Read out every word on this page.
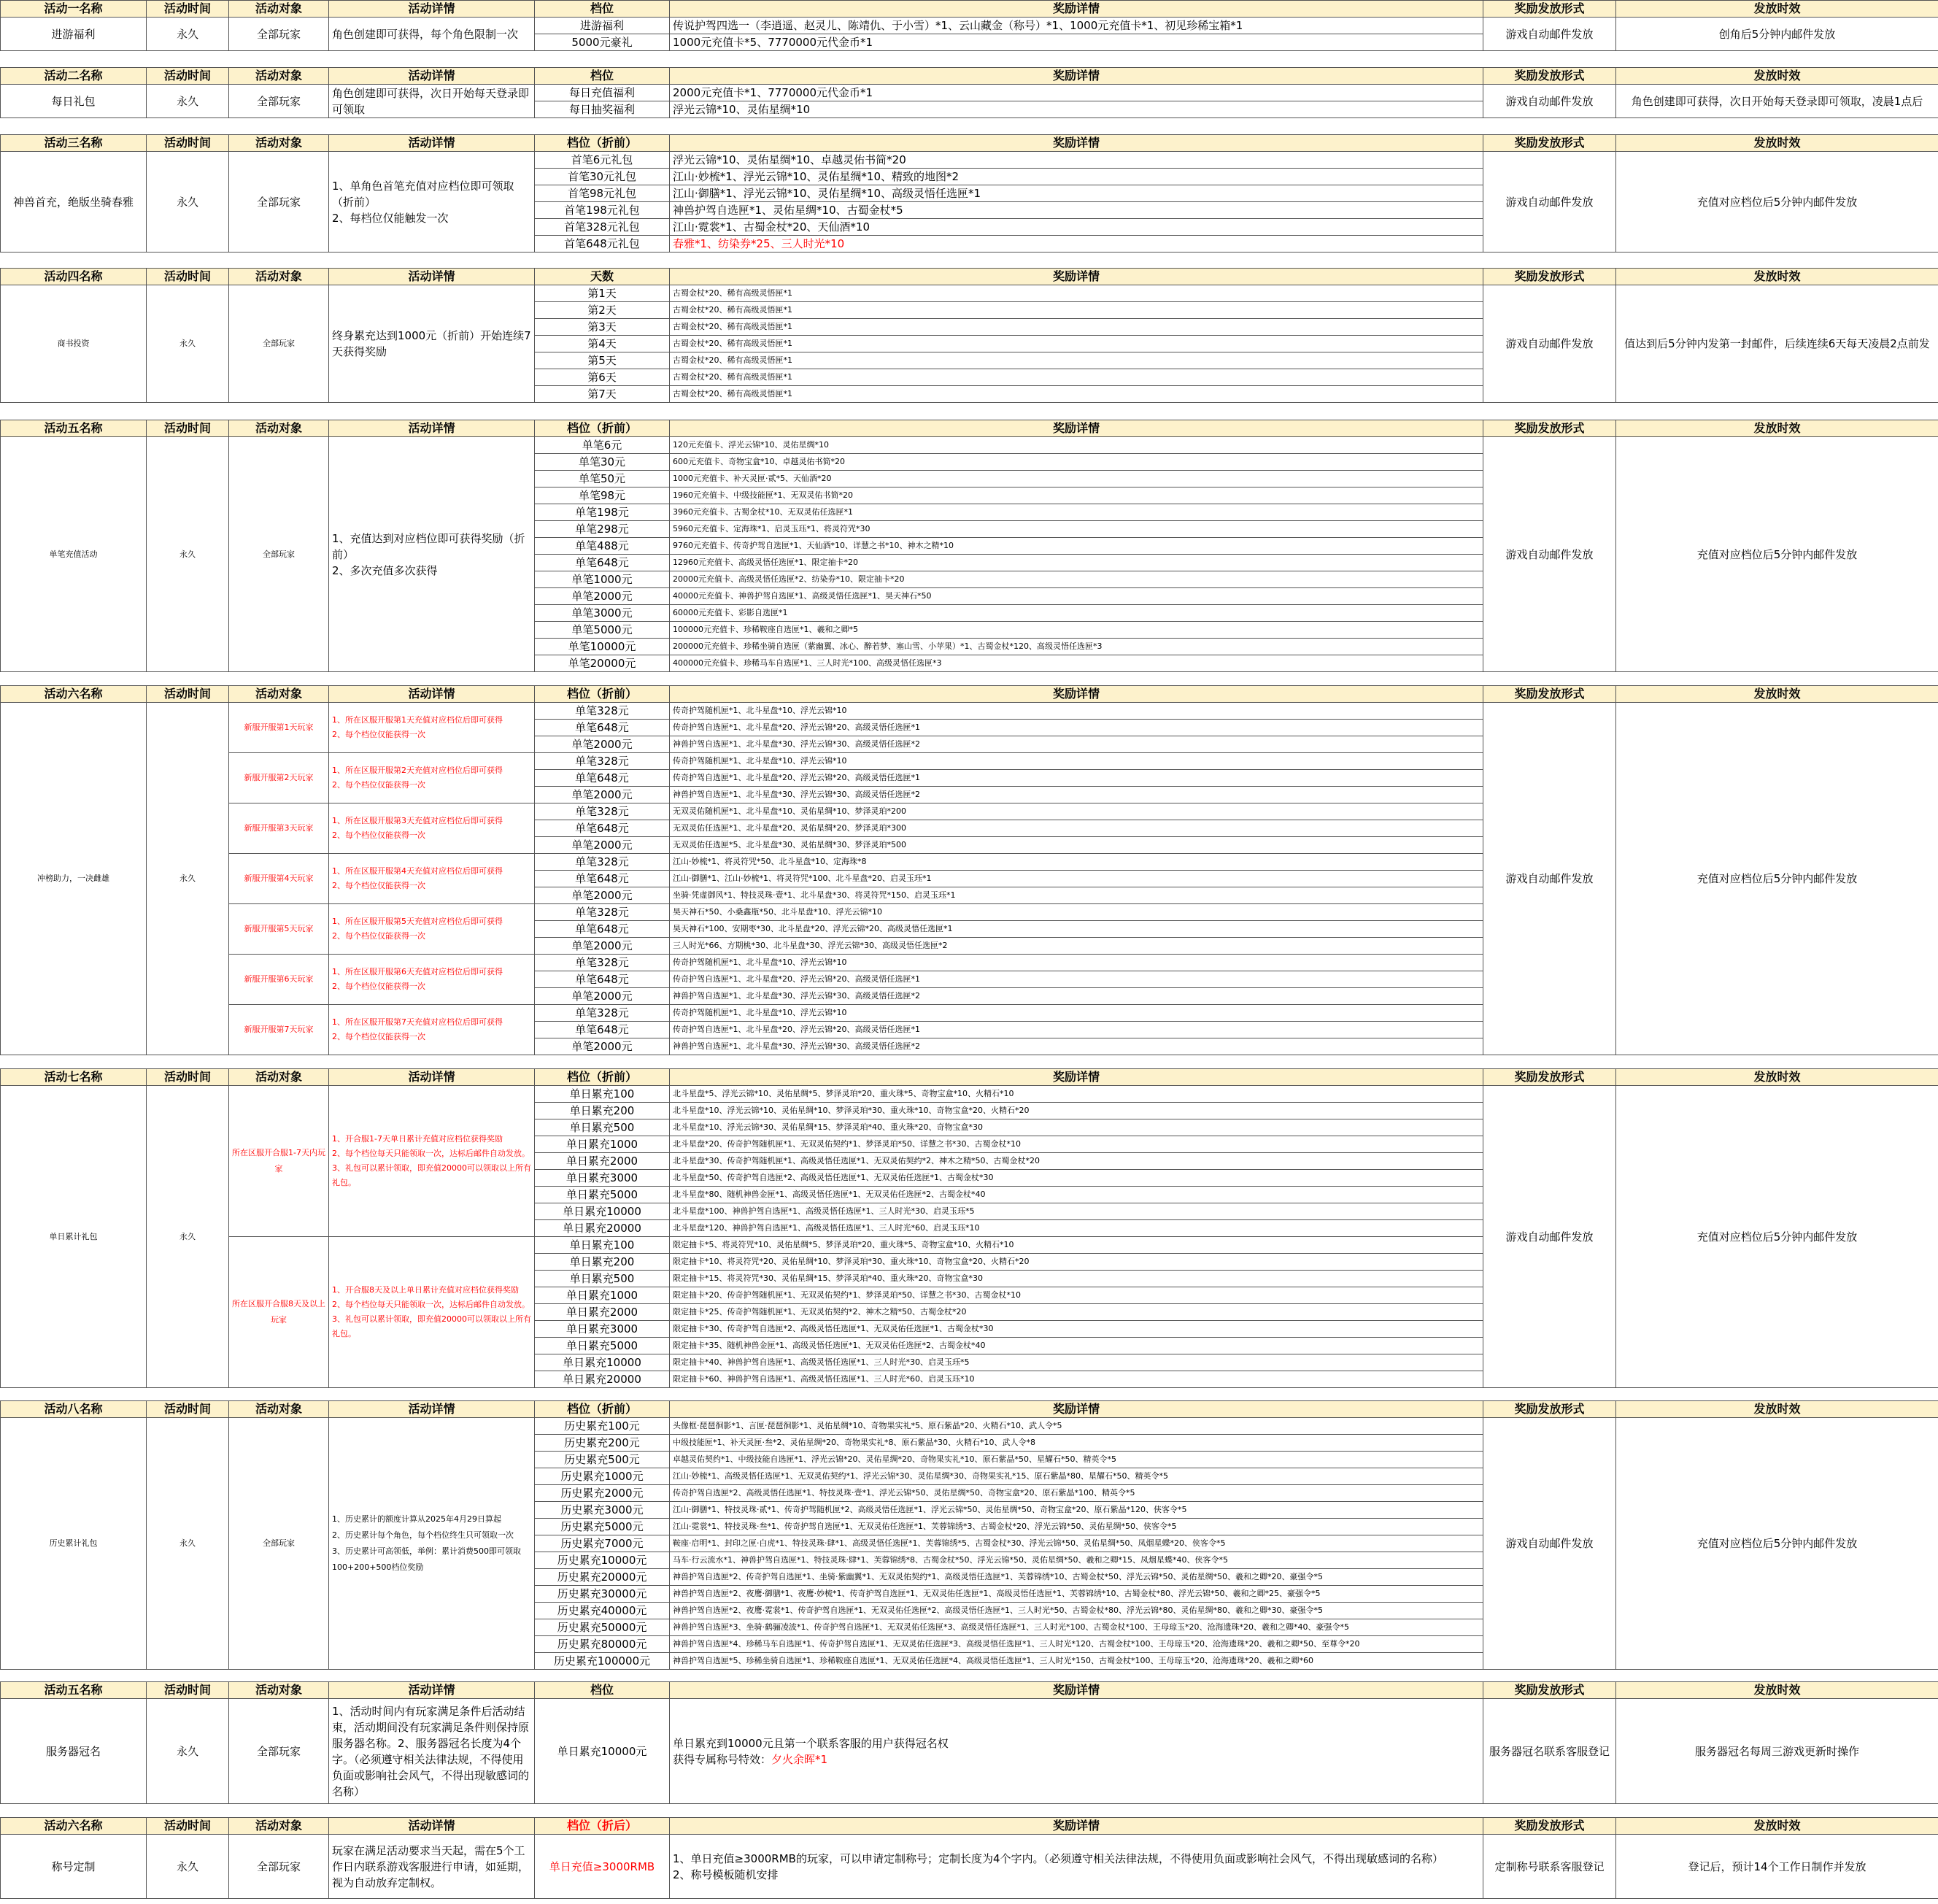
活动一名称	活动时间	活动对象	活动详情	档位	奖励详情	奖励发放形式	发放时效
进游福利	永久	全部玩家	角色创建即可获得，每个角色限制一次	进游福利	传说护驾四选一（李逍遥、赵灵儿、陈靖仇、于小雪）*1、云山藏金（称号）*1、1000元充值卡*1、初见珍稀宝箱*1	游戏自动邮件发放	创角后5分钟内邮件发放
				5000元豪礼	1000元充值卡*5、7770000元代金币*1		
活动二名称	活动时间	活动对象	活动详情	档位	奖励详情	奖励发放形式	发放时效
每日礼包	永久	全部玩家	角色创建即可获得，次日开始每天登录即可领取	每日充值福利	2000元充值卡*1、7770000元代金币*1	游戏自动邮件发放	角色创建即可获得，次日开始每天登录即可领取，凌晨1点后
				每日抽奖福利	浮光云锦*10、灵佑星绸*10		
活动三名称	活动时间	活动对象	活动详情	档位（折前）	奖励详情	奖励发放形式	发放时效
神兽首充，绝版坐骑春雅	永久	全部玩家	1、单角色首笔充值对应档位即可领取（折前）
2、每档位仅能触发一次	首笔6元礼包	浮光云锦*10、灵佑星绸*10、卓越灵佑书简*20	游戏自动邮件发放	充值对应档位后5分钟内邮件发放
				首笔30元礼包	江山·妙梳*1、浮光云锦*10、灵佑星绸*10、精致的地图*2		
				首笔98元礼包	江山·御膳*1、浮光云锦*10、灵佑星绸*10、高级灵悟任选匣*1		
				首笔198元礼包	神兽护驾自选匣*1、灵佑星绸*10、古蜀金杖*5		
				首笔328元礼包	江山·霓裳*1、古蜀金杖*20、天仙酒*10		
				首笔648元礼包	春雅*1、纺染券*25、三人时光*10		
活动四名称	活动时间	活动对象	活动详情	天数	奖励详情	奖励发放形式	发放时效
商书投资	永久	全部玩家	终身累充达到1000元（折前）开始连续7天获得奖励	第1天	古蜀金杖*20、稀有高级灵悟匣*1	游戏自动邮件发放	值达到后5分钟内发第一封邮件，后续连续6天每天凌晨2点前发
				第2天	古蜀金杖*20、稀有高级灵悟匣*1		
				第3天	古蜀金杖*20、稀有高级灵悟匣*1		
				第4天	古蜀金杖*20、稀有高级灵悟匣*1		
				第5天	古蜀金杖*20、稀有高级灵悟匣*1		
				第6天	古蜀金杖*20、稀有高级灵悟匣*1		
				第7天	古蜀金杖*20、稀有高级灵悟匣*1		
活动五名称	活动时间	活动对象	活动详情	档位（折前）	奖励详情	奖励发放形式	发放时效
单笔充值活动	永久	全部玩家	1、充值达到对应档位即可获得奖励（折前）
2、多次充值多次获得	单笔6元	120元充值卡、浮光云锦*10、灵佑星绸*10	游戏自动邮件发放	充值对应档位后5分钟内邮件发放
				单笔30元	600元充值卡、奇物宝盒*10、卓越灵佑书简*20		
				单笔50元	1000元充值卡、补天灵匣·贰*5、天仙酒*20		
				单笔98元	1960元充值卡、中级技能匣*1、无双灵佑书简*20		
				单笔198元	3960元充值卡、古蜀金杖*10、无双灵佑任选匣*1		
				单笔298元	5960元充值卡、定海珠*1、启灵玉珏*1、将灵符咒*30		
				单笔488元	9760元充值卡、传奇护驾自选匣*1、天仙酒*10、详慧之书*10、神木之精*10		
				单笔648元	12960元充值卡、高级灵悟任选匣*1、限定抽卡*20		
				单笔1000元	20000元充值卡、高级灵悟任选匣*2、纺染券*10、限定抽卡*20		
				单笔2000元	40000元充值卡、神兽护驾自选匣*1、高级灵悟任选匣*1、昊天神石*50		
				单笔3000元	60000元充值卡、彩影自选匣*1		
				单笔5000元	100000元充值卡、珍稀鞍座自选匣*1、羲和之卿*5		
				单笔10000元	200000元充值卡、珍稀坐骑自选匣（紫幽翼、冰心、醉若梦、塞山雪、小苹果）*1、古蜀金杖*120、高级灵悟任选匣*3		
				单笔20000元	400000元充值卡、珍稀马车自选匣*1、三人时光*100、高级灵悟任选匣*3		
活动六名称	活动时间	活动对象	活动详情	档位（折前）	奖励详情	奖励发放形式	发放时效
冲榜助力，一决雌雄	永久	新服开服第1天玩家	1、所在区服开服第1天充值对应档位后即可获得
2、每个档位仅能获得一次	单笔328元	传奇护驾随机匣*1、北斗星盘*10、浮光云锦*10	游戏自动邮件发放	充值对应档位后5分钟内邮件发放
				单笔648元	传奇护驾自选匣*1、北斗星盘*20、浮光云锦*20、高级灵悟任选匣*1		
				单笔2000元	神兽护驾自选匣*1、北斗星盘*30、浮光云锦*30、高级灵悟任选匣*2		
		新服开服第2天玩家	1、所在区服开服第2天充值对应档位后即可获得
2、每个档位仅能获得一次	单笔328元	传奇护驾随机匣*1、北斗星盘*10、浮光云锦*10		
				单笔648元	传奇护驾自选匣*1、北斗星盘*20、浮光云锦*20、高级灵悟任选匣*1		
				单笔2000元	神兽护驾自选匣*1、北斗星盘*30、浮光云锦*30、高级灵悟任选匣*2		
		新服开服第3天玩家	1、所在区服开服第3天充值对应档位后即可获得
2、每个档位仅能获得一次	单笔328元	无双灵佑随机匣*1、北斗星盘*10、灵佑星绸*10、梦泽灵珀*200		
				单笔648元	无双灵佑任选匣*1、北斗星盘*20、灵佑星绸*20、梦泽灵珀*300		
				单笔2000元	无双灵佑任选匣*5、北斗星盘*30、灵佑星绸*30、梦泽灵珀*500		
		新服开服第4天玩家	1、所在区服开服第4天充值对应档位后即可获得
2、每个档位仅能获得一次	单笔328元	江山·妙梳*1、将灵符咒*50、北斗星盘*10、定海珠*8		
				单笔648元	江山·御膳*1、江山·妙梳*1、将灵符咒*100、北斗星盘*20、启灵玉珏*1		
				单笔2000元	坐骑·凭虚御风*1、特技灵珠·壹*1、北斗星盘*30、将灵符咒*150、启灵玉珏*1		
		新服开服第5天玩家	1、所在区服开服第5天充值对应档位后即可获得
2、每个档位仅能获得一次	单笔328元	昊天神石*50、小桑鑫瓶*50、北斗星盘*10、浮光云锦*10		
				单笔648元	昊天神石*100、安期枣*30、北斗星盘*20、浮光云锦*20、高级灵悟任选匣*1		
				单笔2000元	三人时光*66、方期桃*30、北斗星盘*30、浮光云锦*30、高级灵悟任选匣*2		
		新服开服第6天玩家	1、所在区服开服第6天充值对应档位后即可获得
2、每个档位仅能获得一次	单笔328元	传奇护驾随机匣*1、北斗星盘*10、浮光云锦*10		
				单笔648元	传奇护驾自选匣*1、北斗星盘*20、浮光云锦*20、高级灵悟任选匣*1		
				单笔2000元	神兽护驾自选匣*1、北斗星盘*30、浮光云锦*30、高级灵悟任选匣*2		
		新服开服第7天玩家	1、所在区服开服第7天充值对应档位后即可获得
2、每个档位仅能获得一次	单笔328元	传奇护驾随机匣*1、北斗星盘*10、浮光云锦*10		
				单笔648元	传奇护驾自选匣*1、北斗星盘*20、浮光云锦*20、高级灵悟任选匣*1		
				单笔2000元	神兽护驾自选匣*1、北斗星盘*30、浮光云锦*30、高级灵悟任选匣*2		
活动七名称	活动时间	活动对象	活动详情	档位（折前）	奖励详情	奖励发放形式	发放时效
单日累计礼包	永久	所在区服开合服1-7天内玩家	1、开合服1-7天单日累计充值对应档位获得奖励
2、每个档位每天只能领取一次，达标后邮件自动发放。
3、礼包可以累计领取，即充值20000可以领取以上所有礼包。	单日累充100	北斗星盘*5、浮光云锦*10、灵佑星绸*5、梦泽灵珀*20、重火珠*5、奇物宝盒*10、火精石*10	游戏自动邮件发放	充值对应档位后5分钟内邮件发放
				单日累充200	北斗星盘*10、浮光云锦*10、灵佑星绸*10、梦泽灵珀*30、重火珠*10、奇物宝盒*20、火精石*20		
				单日累充500	北斗星盘*10、浮光云锦*30、灵佑星绸*15、梦泽灵珀*40、重火珠*20、奇物宝盒*30		
				单日累充1000	北斗星盘*20、传奇护驾随机匣*1、无双灵佑契约*1、梦泽灵珀*50、详慧之书*30、古蜀金杖*10		
				单日累充2000	北斗星盘*30、传奇护驾随机匣*1、高级灵悟任选匣*1、无双灵佑契约*2、神木之精*50、古蜀金杖*20		
				单日累充3000	北斗星盘*50、传奇护驾自选匣*2、高级灵悟任选匣*1、无双灵佑任选匣*1、古蜀金杖*30		
				单日累充5000	北斗星盘*80、随机神兽金匣*1、高级灵悟任选匣*1、无双灵佑任选匣*2、古蜀金杖*40		
				单日累充10000	北斗星盘*100、神兽护驾自选匣*1、高级灵悟任选匣*1、三人时光*30、启灵玉珏*5		
				单日累充20000	北斗星盘*120、神兽护驾自选匣*1、高级灵悟任选匣*1、三人时光*60、启灵玉珏*10		
		所在区服开合服8天及以上玩家	1、开合服8天及以上单日累计充值对应档位获得奖励
2、每个档位每天只能领取一次，达标后邮件自动发放。
3、礼包可以累计领取，即充值20000可以领取以上所有礼包。	单日累充100	限定抽卡*5、将灵符咒*10、灵佑星绸*5、梦泽灵珀*20、重火珠*5、奇物宝盒*10、火精石*10		
				单日累充200	限定抽卡*10、将灵符咒*20、灵佑星绸*10、梦泽灵珀*30、重火珠*10、奇物宝盒*20、火精石*20		
				单日累充500	限定抽卡*15、将灵符咒*30、灵佑星绸*15、梦泽灵珀*40、重火珠*20、奇物宝盒*30		
				单日累充1000	限定抽卡*20、传奇护驾随机匣*1、无双灵佑契约*1、梦泽灵珀*50、详慧之书*30、古蜀金杖*10		
				单日累充2000	限定抽卡*25、传奇护驾随机匣*1、无双灵佑契约*2、神木之精*50、古蜀金杖*20		
				单日累充3000	限定抽卡*30、传奇护驾自选匣*2、高级灵悟任选匣*1、无双灵佑任选匣*1、古蜀金杖*30		
				单日累充5000	限定抽卡*35、随机神兽金匣*1、高级灵悟任选匣*1、无双灵佑任选匣*2、古蜀金杖*40		
				单日累充10000	限定抽卡*40、神兽护驾自选匣*1、高级灵悟任选匣*1、三人时光*30、启灵玉珏*5		
				单日累充20000	限定抽卡*60、神兽护驾自选匣*1、高级灵悟任选匣*1、三人时光*60、启灵玉珏*10		
活动八名称	活动时间	活动对象	活动详情	档位（折前）	奖励详情	奖励发放形式	发放时效
历史累计礼包	永久	全部玩家	1、历史累计的额度计算从2025年4月29日算起
2、历史累计每个角色，每个档位终生只可领取一次
3、历史累计可高领低，举例：累计消费500即可领取100+200+500档位奖励	历史累充100元	头像框·琵琶徊影*1、言匣·琵琶徊影*1、灵佑星绸*10、奇物果实礼*5、原石紫晶*20、火精石*10、武人令*5	游戏自动邮件发放	充值对应档位后5分钟内邮件发放
				历史累充200元	中级技能匣*1、补天灵匣·叁*2、灵佑星绸*20、奇物果实礼*8、原石紫晶*30、火精石*10、武人令*8		
				历史累充500元	卓越灵佑契约*1、中级技能自选匣*1、浮光云锦*20、灵佑星绸*20、奇物果实礼*10、原石紫晶*50、星耀石*50、精英令*5		
				历史累充1000元	江山·妙梳*1、高级灵悟任选匣*1、无双灵佑契约*1、浮光云锦*30、灵佑星绸*30、奇物果实礼*15、原石紫晶*80、星耀石*50、精英令*5		
				历史累充2000元	传奇护驾自选匣*2、高级灵悟任选匣*1、特技灵珠·壹*1、浮光云锦*50、灵佑星绸*50、奇物宝盒*20、原石紫晶*100、精英令*5		
				历史累充3000元	江山·御膳*1、特技灵珠·贰*1、传奇护驾随机匣*2、高级灵悟任选匣*1、浮光云锦*50、灵佑星绸*50、奇物宝盒*20、原石紫晶*120、侠客令*5		
				历史累充5000元	江山·霓裳*1、特技灵珠·叁*1、传奇护驾自选匣*1、无双灵佑任选匣*1、芙蓉锦绣*3、古蜀金杖*20、浮光云锦*50、灵佑星绸*50、侠客令*5		
				历史累充7000元	鞍座·启明*1、封印之匣·白虎*1、特技灵珠·肆*1、高级灵悟任选匣*1、芙蓉锦绣*5、古蜀金杖*30、浮光云锦*50、灵佑星绸*50、凤烟星蝶*20、侠客令*5		
				历史累充10000元	马车·行云流水*1、神兽护驾自选匣*1、特技灵珠·肆*1、芙蓉锦绣*8、古蜀金杖*50、浮光云锦*50、灵佑星绸*50、羲和之卿*15、凤烟星蝶*40、侠客令*5		
				历史累充20000元	神兽护驾自选匣*2、传奇护驾自选匣*1、坐骑·紫幽翼*1、无双灵佑契约*1、高级灵悟任选匣*1、芙蓉锦绣*10、古蜀金杖*50、浮光云锦*50、灵佑星绸*50、羲和之卿*20、豪强令*5		
				历史累充30000元	神兽护驾自选匣*2、夜鹰·御膳*1、夜鹰·妙梳*1、传奇护驾自选匣*1、无双灵佑任选匣*1、高级灵悟任选匣*1、芙蓉锦绣*10、古蜀金杖*80、浮光云锦*50、羲和之卿*25、豪强令*5		
				历史累充40000元	神兽护驾自选匣*2、夜鹰·霓裳*1、传奇护驾自选匣*1、无双灵佑任选匣*2、高级灵悟任选匣*1、三人时光*50、古蜀金杖*80、浮光云锦*80、灵佑星绸*80、羲和之卿*30、豪强令*5		
				历史累充50000元	神兽护驾自选匣*3、坐骑·鹤骊凌波*1、传奇护驾自选匣*1、无双灵佑任选匣*3、高级灵悟任选匣*1、三人时光*100、古蜀金杖*100、王母琼玉*20、沧海遗珠*20、羲和之卿*40、豪强令*5		
				历史累充80000元	神兽护驾自选匣*4、珍稀马车自选匣*1、传奇护驾自选匣*1、无双灵佑任选匣*3、高级灵悟任选匣*1、三人时光*120、古蜀金杖*100、王母琼玉*20、沧海遗珠*20、羲和之卿*50、至尊令*20		
				历史累充100000元	神兽护驾自选匣*5、珍稀坐骑自选匣*1、珍稀鞍座自选匣*1、无双灵佑任选匣*4、高级灵悟任选匣*1、三人时光*150、古蜀金杖*100、王母琼玉*20、沧海遗珠*20、羲和之卿*60		
活动五名称	活动时间	活动对象	活动详情	档位	奖励详情	奖励发放形式	发放时效
服务器冠名	永久	全部玩家	1、活动时间内有玩家满足条件后活动结束，活动期间没有玩家满足条件则保持原服务器名称。2、服务器冠名长度为4个字。（必须遵守相关法律法规，不得使用负面或影响社会风气，不得出现敏感词的名称）	单日累充10000元	单日累充到10000元且第一个联系客服的用户获得冠名权
获得专属称号特效：夕火余晖*1	服务器冠名联系客服登记	服务器冠名每周三游戏更新时操作
活动六名称	活动时间	活动对象	活动详情	档位（折后）	奖励详情	奖励发放形式	发放时效
称号定制	永久	全部玩家	玩家在满足活动要求当天起，需在5个工作日内联系游戏客服进行申请，如延期，视为自动放弃定制权。	单日充值≥3000RMB	1、单日充值≥3000RMB的玩家，可以申请定制称号；定制长度为4个字内。（必须遵守相关法律法规，不得使用负面或影响社会风气，不得出现敏感词的名称）
2、称号模板随机安排	定制称号联系客服登记	登记后，预计14个工作日制作并发放
